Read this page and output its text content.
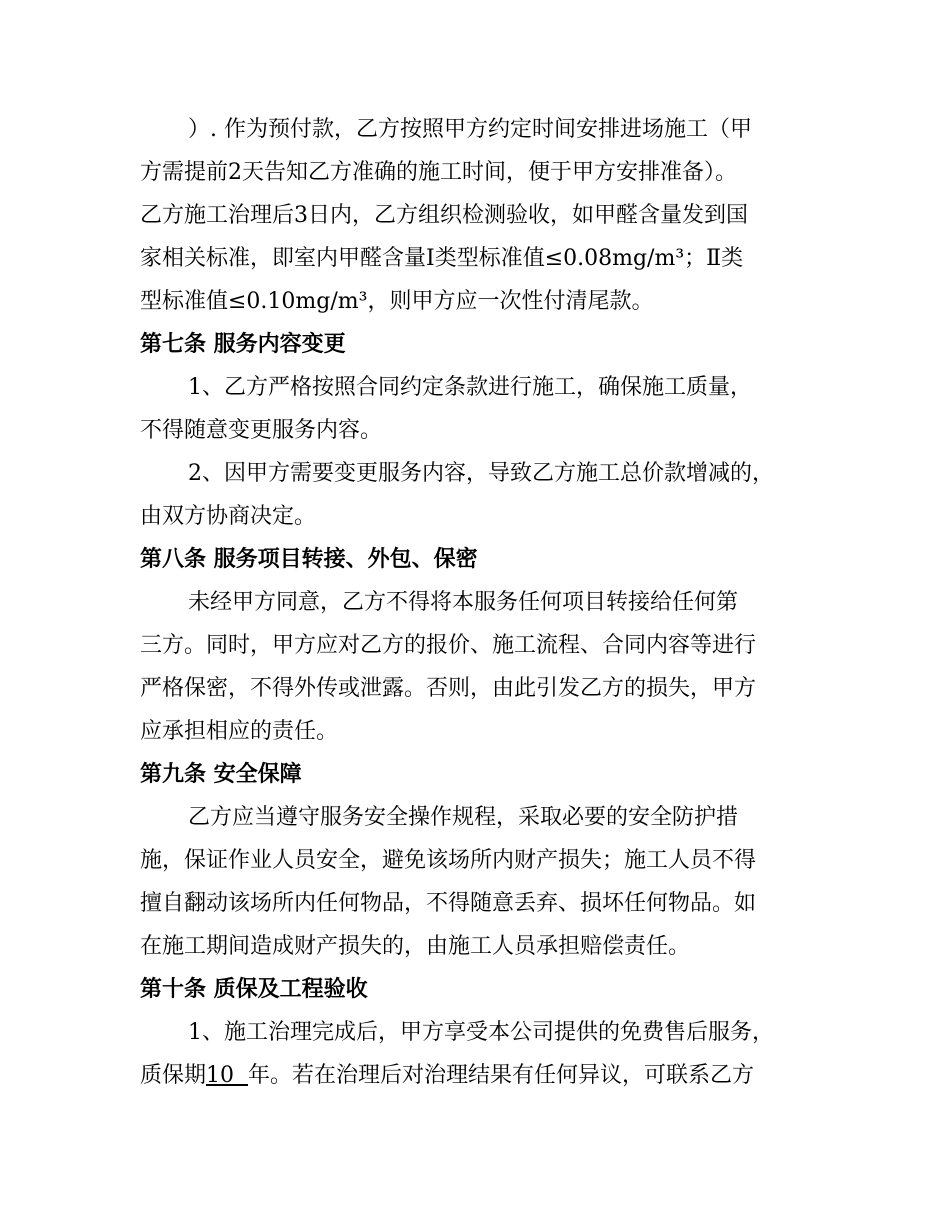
）. 作为预付款，乙方按照甲方约定时间安排进场施工（甲
方需提前2天告知乙方准确的施工时间，便于甲方安排准备）。
乙方施工治理后3日内，乙方组织检测验收，如甲醛含量发到国
家相关标准，即室内甲醛含量Ⅰ类型标准值≤0.08mg/m³；Ⅱ类
型标准值≤0.10mg/m³，则甲方应一次性付清尾款。
第七条 服务内容变更
1、乙方严格按照合同约定条款进行施工，确保施工质量，
不得随意变更服务内容。
2、因甲方需要变更服务内容，导致乙方施工总价款增减的，
由双方协商决定。
第八条 服务项目转接、外包、保密
未经甲方同意，乙方不得将本服务任何项目转接给任何第
三方。同时，甲方应对乙方的报价、施工流程、合同内容等进行
严格保密，不得外传或泄露。否则，由此引发乙方的损失，甲方
应承担相应的责任。
第九条 安全保障
乙方应当遵守服务安全操作规程，采取必要的安全防护措
施，保证作业人员安全，避免该场所内财产损失；施工人员不得
擅自翻动该场所内任何物品，不得随意丢弃、损坏任何物品。如
在施工期间造成财产损失的，由施工人员承担赔偿责任。
第十条 质保及工程验收
1、施工治理完成后，甲方享受本公司提供的免费售后服务，
质保期10 年。若在治理后对治理结果有任何异议，可联系乙方
